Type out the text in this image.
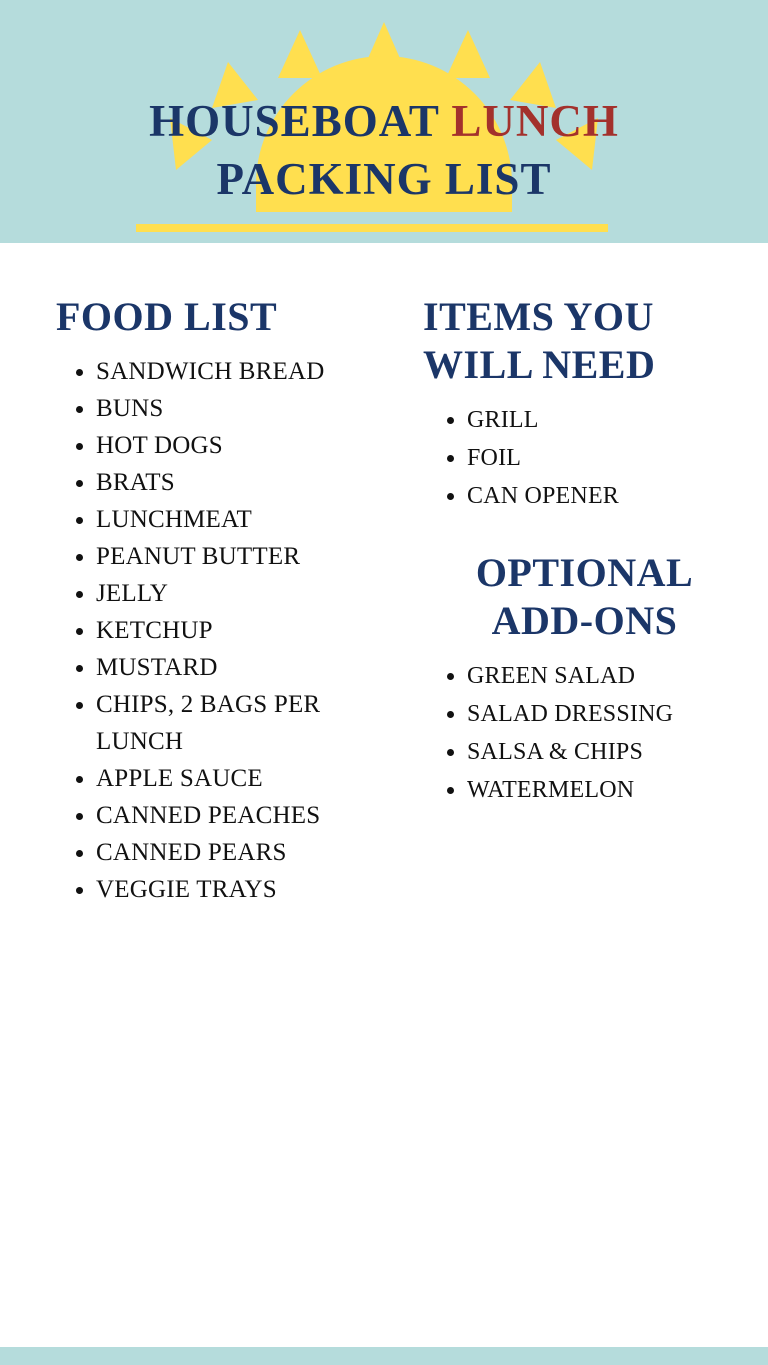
HOUSEBOAT LUNCH
PACKING LIST
FOOD LIST
• SANDWICH BREAD
• BUNS
• HOT DOGS
• BRATS
• LUNCHMEAT
• PEANUT BUTTER
• JELLY
• KETCHUP
• MUSTARD
• CHIPS, 2 BAGS PER LUNCH
• APPLE SAUCE
• CANNED PEACHES
• CANNED PEARS
• VEGGIE TRAYS
ITEMS YOU WILL NEED
• GRILL
• FOIL
• CAN OPENER
OPTIONAL ADD-ONS
• GREEN SALAD
• SALAD DRESSING
• SALSA & CHIPS
• WATERMELON
